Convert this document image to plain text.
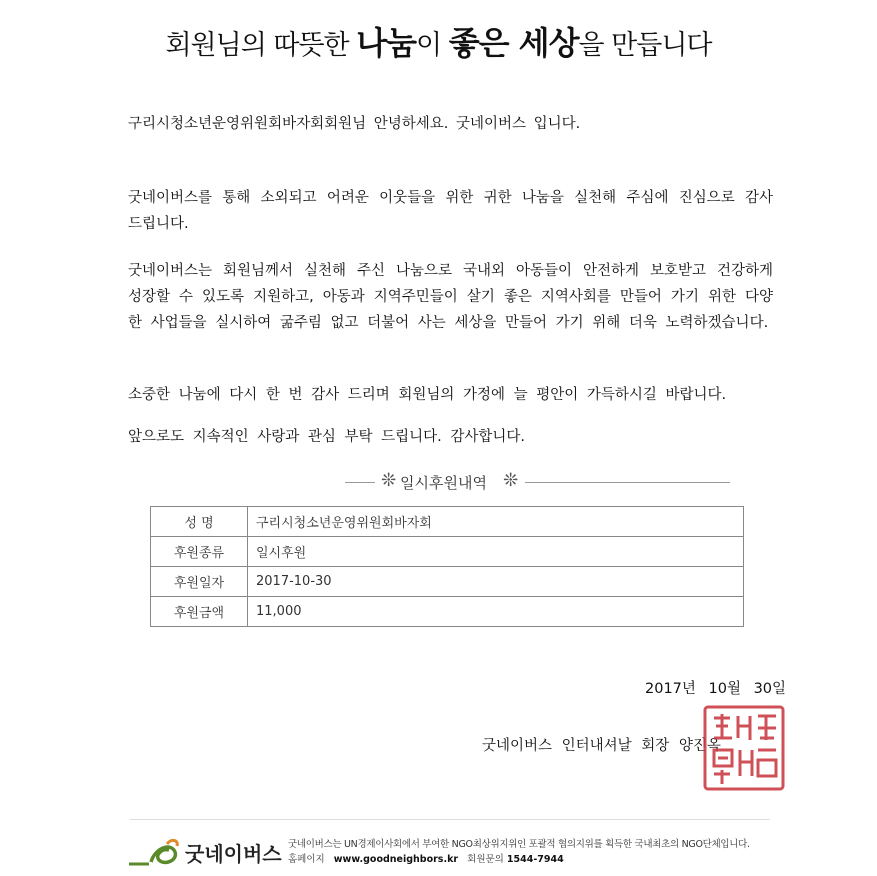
회원님의 따뜻한 나눔이 좋은 세상을 만듭니다
구리시청소년운영위원회바자회회원님 안녕하세요. 굿네이버스 입니다.
굿네이버스를 통해 소외되고 어려운 이웃들을 위한 귀한 나눔을 실천해 주심에 진심으로 감사 드립니다.
굿네이버스는 회원님께서 실천해 주신 나눔으로 국내외 아동들이 안전하게 보호받고 건강하게 성장할 수 있도록 지원하고, 아동과 지역주민들이 살기 좋은 지역사회를 만들어 가기 위한 다양한 사업들을 실시하여 굶주림 없고 더불어 사는 세상을 만들어 가기 위해 더욱 노력하겠습니다.
소중한 나눔에 다시 한 번 감사 드리며 회원님의 가정에 늘 평안이 가득하시길 바랍니다.
앞으로도 지속적인 사랑과 관심 부탁 드립니다. 감사합니다.
❊ 일시후원내역 ❊
성 명	구리시청소년운영위원회바자회
후원종류	일시후원
후원일자	2017-10-30
후원금액	11,000
2017년 10월 30일
굿네이버스 인터내셔날 회장 양진옥
굿네이버스 굿네이버스는 UN경제이사회에서 부여한 NGO최상위지위인 포괄적 협의지위를 획득한 국내최초의 NGO단체입니다.
홈페이지 www.goodneighbors.kr 회원문의 1544-7944
